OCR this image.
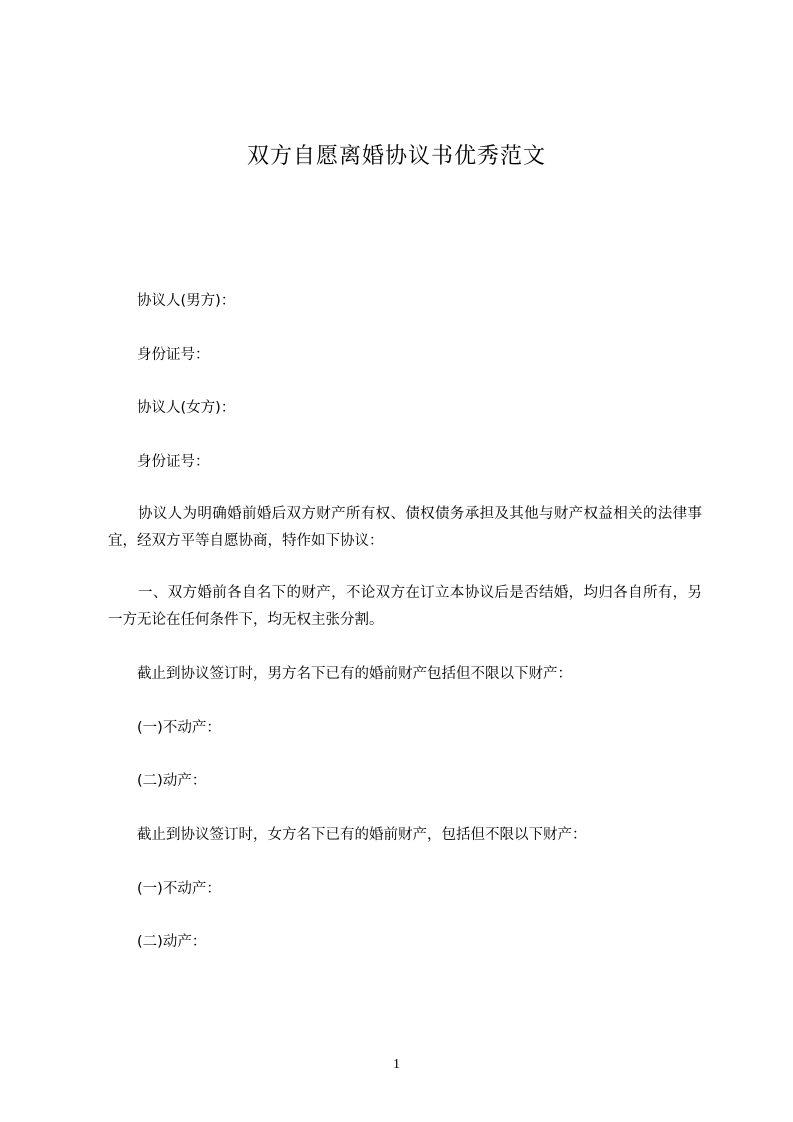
双方自愿离婚协议书优秀范文
协议人(男方)：
身份证号：
协议人(女方)：
身份证号：
协议人为明确婚前婚后双方财产所有权、债权债务承担及其他与财产权益相关的法律事宜，经双方平等自愿协商，特作如下协议：
一、双方婚前各自名下的财产，不论双方在订立本协议后是否结婚，均归各自所有，另一方无论在任何条件下，均无权主张分割。
截止到协议签订时，男方名下已有的婚前财产包括但不限以下财产：
(一)不动产：
(二)动产：
截止到协议签订时，女方名下已有的婚前财产，包括但不限以下财产：
(一)不动产：
(二)动产：
1
